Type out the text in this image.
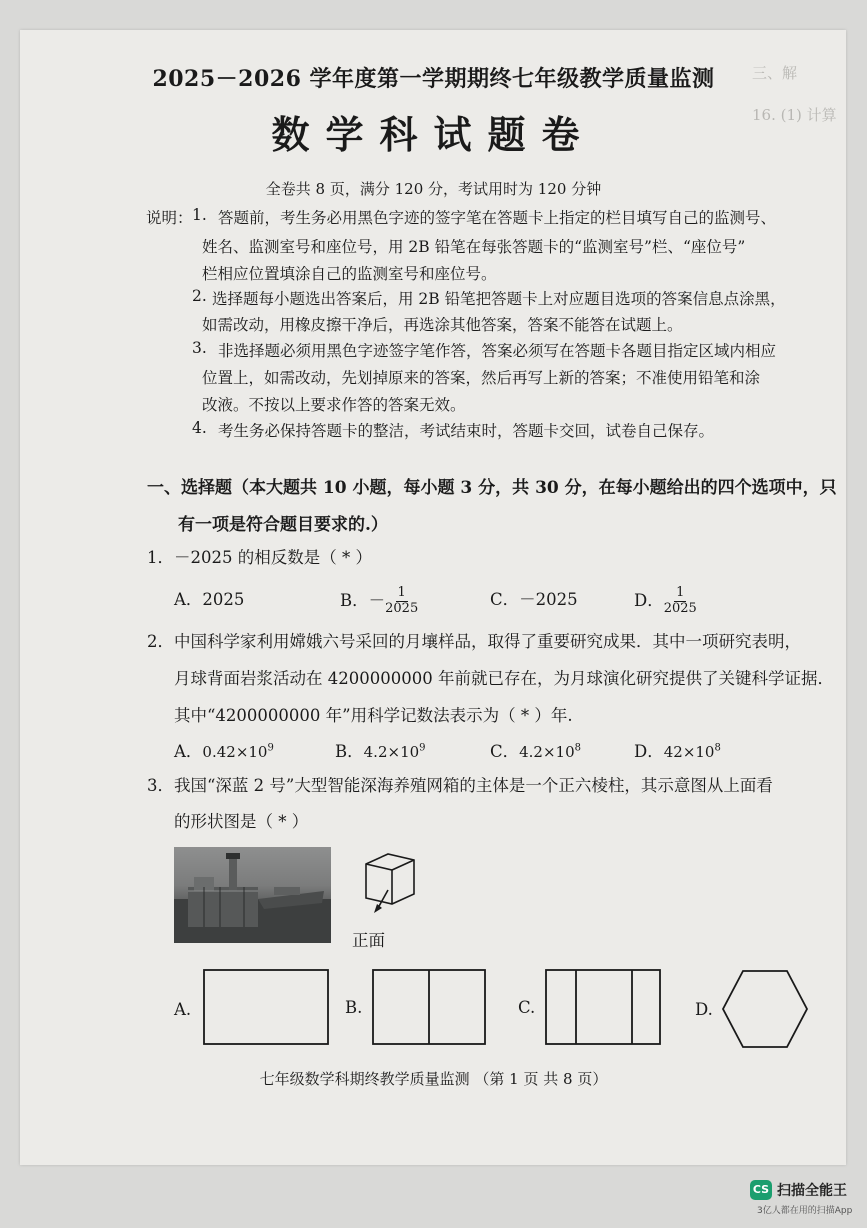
三、解
16. (1) 计算
2025－2026 学年度第一学期期终七年级教学质量监测
数学科试题卷
全卷共 8 页，满分 120 分，考试用时为 120 分钟
说明： 1. 答题前，考生务必用黑色字迹的签字笔在答题卡上指定的栏目填写自己的监测号、
姓名、监测室号和座位号，用 2B 铅笔在每张答题卡的“监测室号”栏、“座位号”
栏相应位置填涂自己的监测室号和座位号。
2. 选择题每小题选出答案后，用 2B 铅笔把答题卡上对应题目选项的答案信息点涂黑，
如需改动，用橡皮擦干净后，再选涂其他答案，答案不能答在试题上。
3. 非选择题必须用黑色字迹签字笔作答，答案必须写在答题卡各题目指定区域内相应
位置上，如需改动，先划掉原来的答案，然后再写上新的答案；不准使用铅笔和涂
改液。不按以上要求作答的答案无效。
4. 考生务必保持答题卡的整洁，考试结束时，答题卡交回，试卷自己保存。
一、选择题（本大题共 10 小题，每小题 3 分，共 30 分，在每小题给出的四个选项中，只
有一项是符合题目要求的.）
1．－2025 的相反数是（ * ）
A．2025	B．－ $\frac{1}{2025}$	C．－2025	D． $\frac{1}{2025}$
2．中国科学家利用嫦娥六号采回的月壤样品，取得了重要研究成果．其中一项研究表明，
月球背面岩浆活动在 4200000000 年前就已存在，为月球演化研究提供了关键科学证据．
其中“4200000000 年”用科学记数法表示为（ * ）年.
A．$0.42\times 10^9$	B．$4.2\times 10^9$	C．$4.2\times 10^8$	D．$42\times 10^8$
3．我国“深蓝 2 号”大型智能深海养殖网箱的主体是一个正六棱柱，其示意图从上面看
的形状图是（ * ）
正面
A.	B.	C.	D.
七年级数学科期终教学质量监测 （第 1 页 共 8 页）
CS 扫描全能王
3亿人都在用的扫描App
